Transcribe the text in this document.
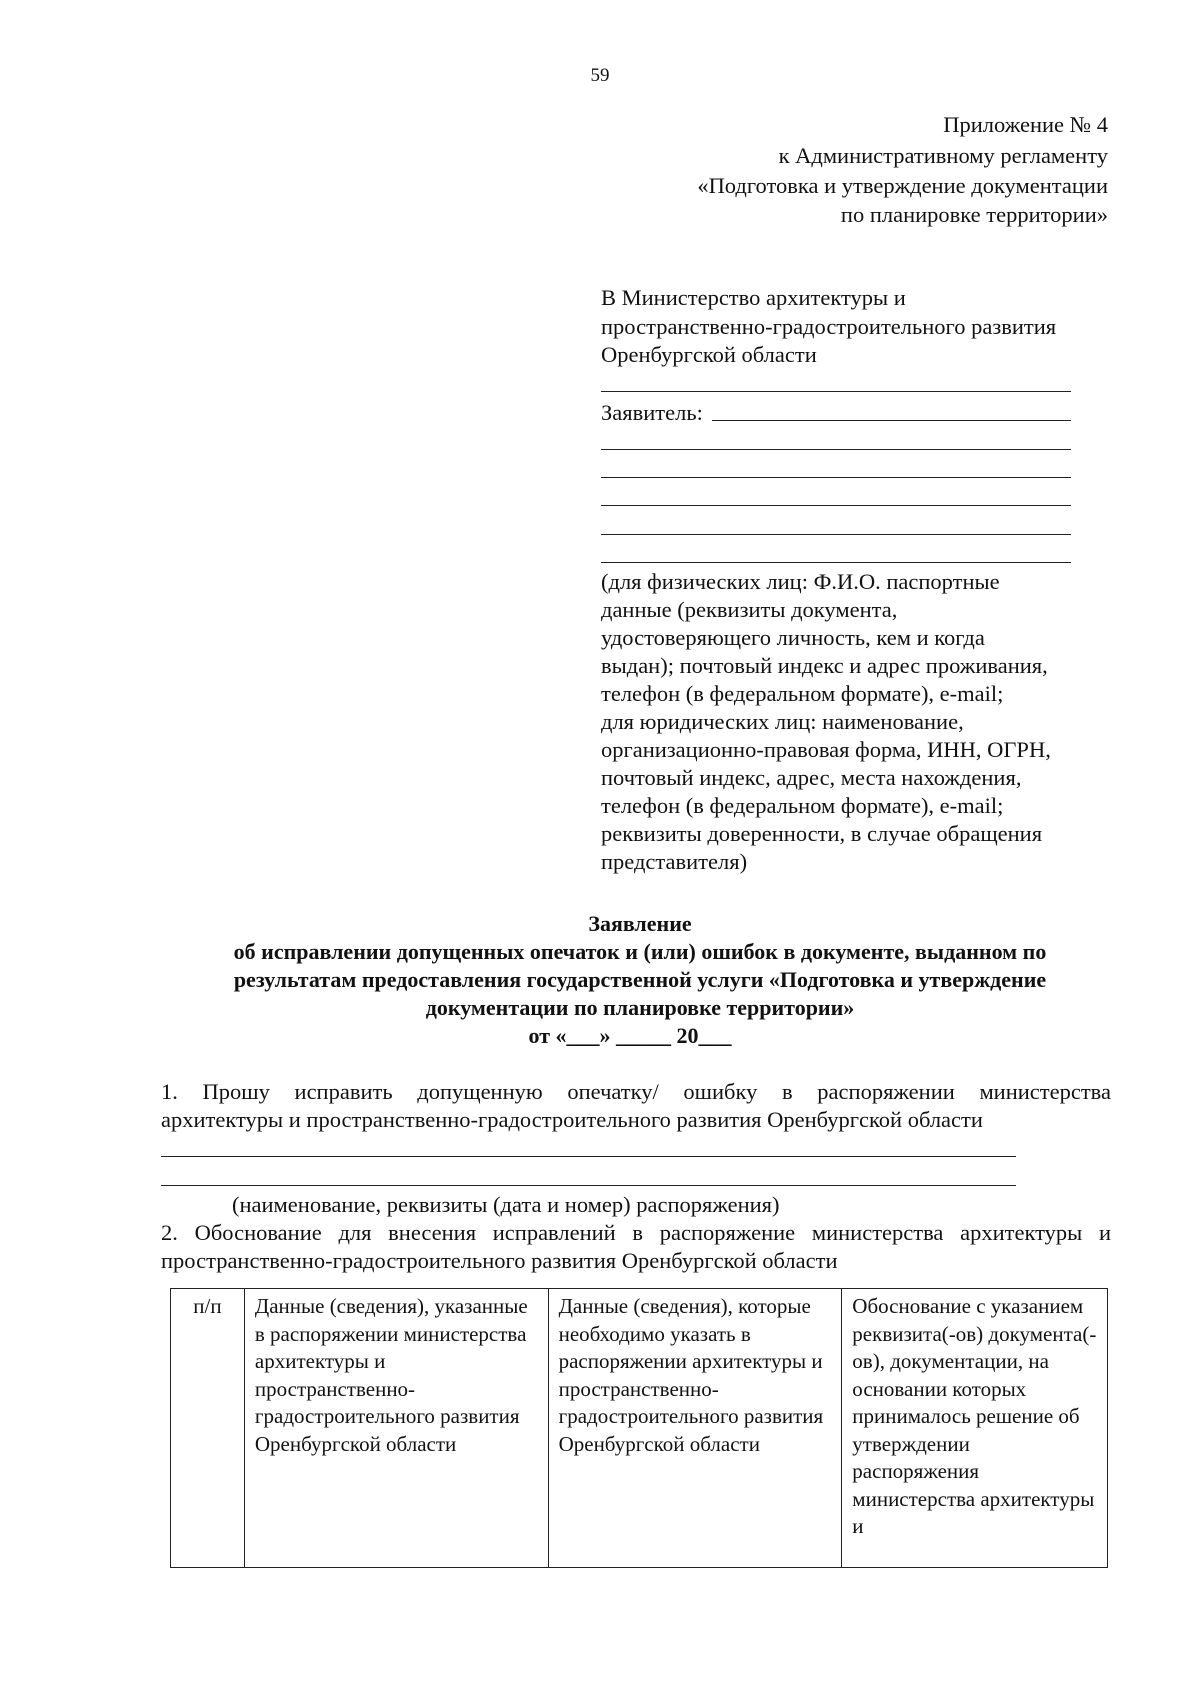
59
Приложение № 4
к Административному регламенту
«Подготовка и утверждение документации
по планировке территории»
В Министерство архитектуры и
пространственно-градостроительного развития
Оренбургской области
Заявитель:
(для физических лиц: Ф.И.О. паспортные
данные (реквизиты документа,
удостоверяющего личность, кем и когда
выдан); почтовый индекс и адрес проживания,
телефон (в федеральном формате), e-mail;
для юридических лиц: наименование,
организационно-правовая форма, ИНН, ОГРН,
почтовый индекс, адрес, места нахождения,
телефон (в федеральном формате), e-mail;
реквизиты доверенности, в случае обращения
представителя)
Заявление
об исправлении допущенных опечаток и (или) ошибок в документе, выданном по
результатам предоставления государственной услуги «Подготовка и утверждение
документации по планировке территории»
от «___» _____ 20___
1. Прошу исправить допущенную опечатку/ ошибку в распоряжении министерства
архитектуры и пространственно-градостроительного развития Оренбургской области
(наименование, реквизиты (дата и номер) распоряжения)
2. Обоснование для внесения исправлений в распоряжение министерства архитектуры и
пространственно-градостроительного развития Оренбургской области
п/п	Данные (сведения), указанные в распоряжении министерства архитектуры и пространственно-градостроительного развития Оренбургской области	Данные (сведения), которые необходимо указать в распоряжении архитектуры и пространственно-градостроительного развития Оренбургской области	Обоснование с указанием реквизита(-ов) документа(-ов), документации, на основании которых принималось решение об утверждении распоряжения министерства архитектуры и
